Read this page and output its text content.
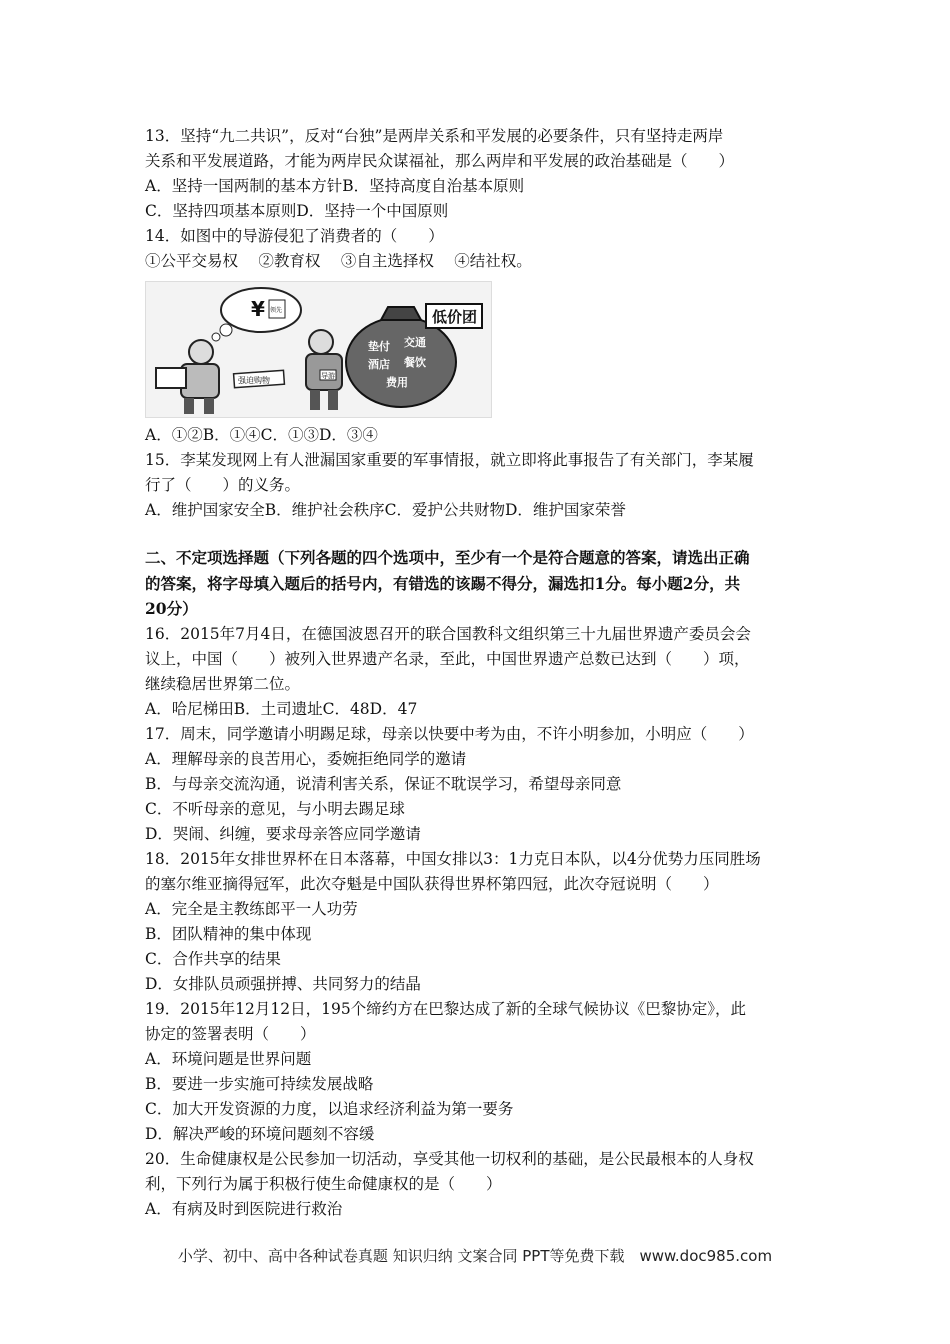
13．坚持“九二共识”，反对“台独”是两岸关系和平发展的必要条件，只有坚持走两岸
关系和平发展道路，才能为两岸民众谋福祉，那么两岸和平发展的政治基础是（　　）
A．坚持一国两制的基本方针B．坚持高度自治基本原则
C．坚持四项基本原则D．坚持一个中国原则
14．如图中的导游侵犯了消费者的（　　）
①公平交易权　 ②教育权　 ③自主选择权　 ④结社权。
¥ 领先
强迫购物	导游
垫付 交通
酒店 餐饮
费用
低价团
A．①②B．①④C．①③D．③④
15．李某发现网上有人泄漏国家重要的军事情报，就立即将此事报告了有关部门，李某履
行了（　　）的义务。
A．维护国家安全B．维护社会秩序C．爱护公共财物D．维护国家荣誉
二、不定项选择题（下列各题的四个选项中，至少有一个是符合题意的答案，请选出正确
的答案，将字母填入题后的括号内，有错选的该踢不得分，漏选扣1分。每小题2分，共
20分）
16．2015年7月4日，在德国波恩召开的联合国教科文组织第三十九届世界遗产委员会会
议上，中国（　　）被列入世界遗产名录，至此，中国世界遗产总数已达到（　　）项，
继续稳居世界第二位。
A．哈尼梯田B．土司遗址C．48D．47
17．周末，同学邀请小明踢足球，母亲以快要中考为由，不许小明参加，小明应（　　）
A．理解母亲的良苦用心，委婉拒绝同学的邀请
B．与母亲交流沟通，说清利害关系，保证不耽误学习，希望母亲同意
C．不听母亲的意见，与小明去踢足球
D．哭闹、纠缠，要求母亲答应同学邀请
18．2015年女排世界杯在日本落幕，中国女排以3：1力克日本队，以4分优势力压同胜场
的塞尔维亚摘得冠军，此次夺魁是中国队获得世界杯第四冠，此次夺冠说明（　　）
A．完全是主教练郎平一人功劳
B．团队精神的集中体现
C．合作共享的结果
D．女排队员顽强拼搏、共同努力的结晶
19．2015年12月12日，195个缔约方在巴黎达成了新的全球气候协议《巴黎协定》，此
协定的签署表明（　　）
A．环境问题是世界问题
B．要进一步实施可持续发展战略
C．加大开发资源的力度，以追求经济利益为第一要务
D．解决严峻的环境问题刻不容缓
20．生命健康权是公民参加一切活动，享受其他一切权利的基础，是公民最根本的人身权
利，下列行为属于积极行使生命健康权的是（　　）
A．有病及时到医院进行救治
小学、初中、高中各种试卷真题 知识归纳 文案合同 PPT等免费下载　www.doc985.com
